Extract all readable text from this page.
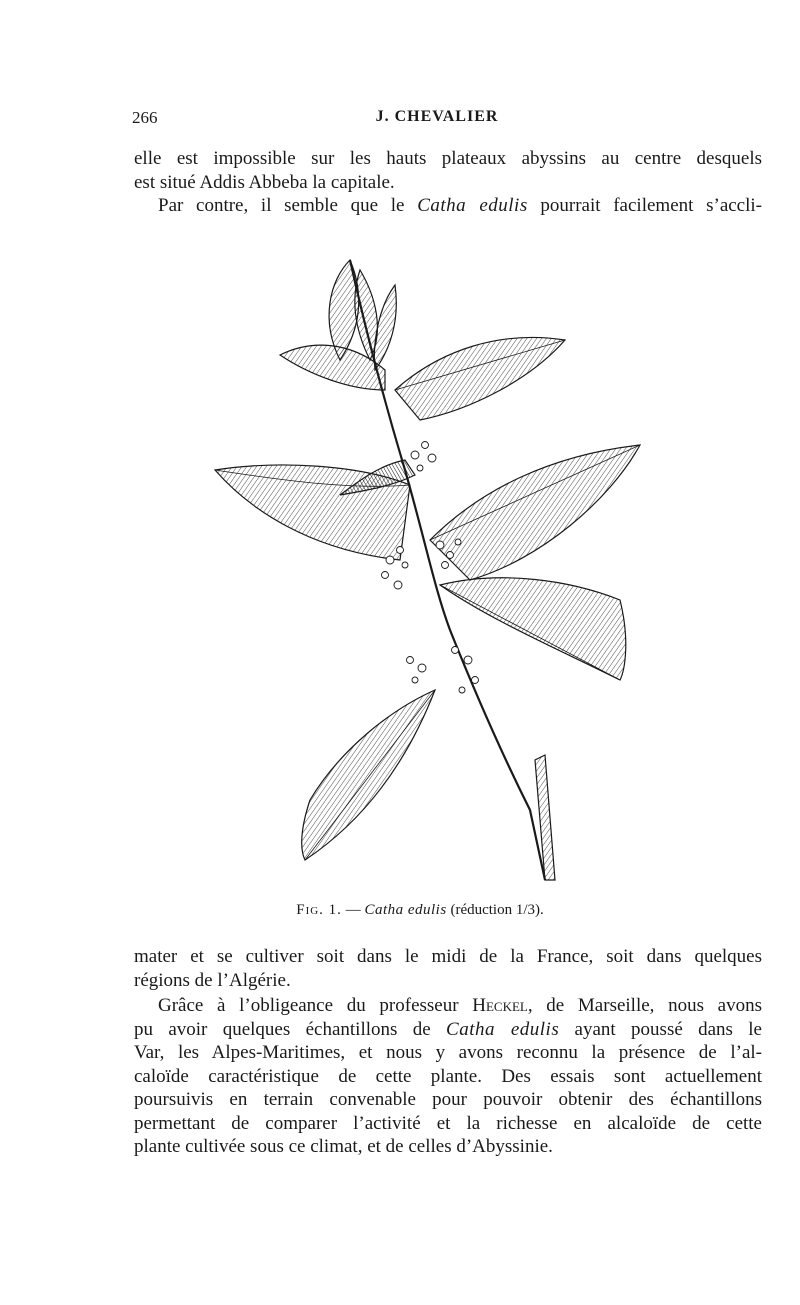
266	J. CHEVALIER
elle est impossible sur les hauts plateaux abyssins au centre desquels
est situé Addis Abbeba la capitale.
Par contre, il semble que le Catha edulis pourrait facilement s’accli-
Fig. 1. — Catha edulis (réduction 1/3).
mater et se cultiver soit dans le midi de la France, soit dans quelques
régions de l’Algérie.
Grâce à l’obligeance du professeur Heckel, de Marseille, nous avons
pu avoir quelques échantillons de Catha edulis ayant poussé dans le
Var, les Alpes-Maritimes, et nous y avons reconnu la présence de l’al-
caloïde caractéristique de cette plante. Des essais sont actuellement
poursuivis en terrain convenable pour pouvoir obtenir des échantillons
permettant de comparer l’activité et la richesse en alcaloïde de cette
plante cultivée sous ce climat, et de celles d’Abyssinie.
